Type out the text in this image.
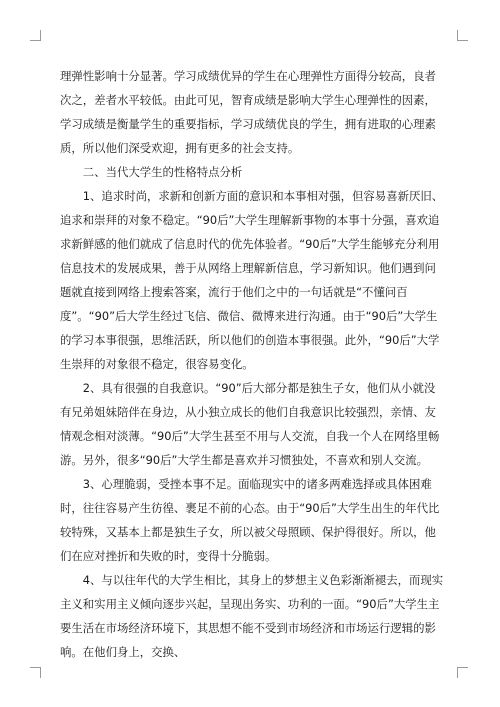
理弹性影响十分显著。学习成绩优异的学生在心理弹性方面得分较高，良者次之，差者水平较低。由此可见，智育成绩是影响大学生心理弹性的因素，学习成绩是衡量学生的重要指标，学习成绩优良的学生，拥有进取的心理素质，所以他们深受欢迎，拥有更多的社会支持。

二、当代大学生的性格特点分析

1、追求时尚，求新和创新方面的意识和本事相对强，但容易喜新厌旧、追求和崇拜的对象不稳定。“90后”大学生理解新事物的本事十分强，喜欢追求新鲜感的他们就成了信息时代的优先体验者。“90后”大学生能够充分利用信息技术的发展成果，善于从网络上理解新信息，学习新知识。他们遇到问题就直接到网络上搜索答案，流行于他们之中的一句话就是“不懂问百度”。“90”后大学生经过飞信、微信、微博来进行沟通。由于“90后”大学生的学习本事很强，思维活跃，所以他们的创造本事很强。此外，“90后”大学生崇拜的对象很不稳定，很容易变化。

2、具有很强的自我意识。“90”后大部分都是独生子女，他们从小就没有兄弟姐妹陪伴在身边，从小独立成长的他们自我意识比较强烈，亲情、友情观念相对淡薄。“90后”大学生甚至不用与人交流，自我一个人在网络里畅游。另外，很多“90后”大学生都是喜欢并习惯独处，不喜欢和别人交流。

3、心理脆弱，受挫本事不足。面临现实中的诸多两难选择或具体困难时，往往容易产生彷徨、裹足不前的心态。由于“90后”大学生出生的年代比较特殊，又基本上都是独生子女，所以被父母照顾、保护得很好。所以，他们在应对挫折和失败的时，变得十分脆弱。

4、与以往年代的大学生相比，其身上的梦想主义色彩渐渐褪去，而现实主义和实用主义倾向逐步兴起，呈现出务实、功利的一面。“90后”大学生主要生活在市场经济环境下，其思想不能不受到市场经济和市场运行逻辑的影响。在他们身上，交换、
